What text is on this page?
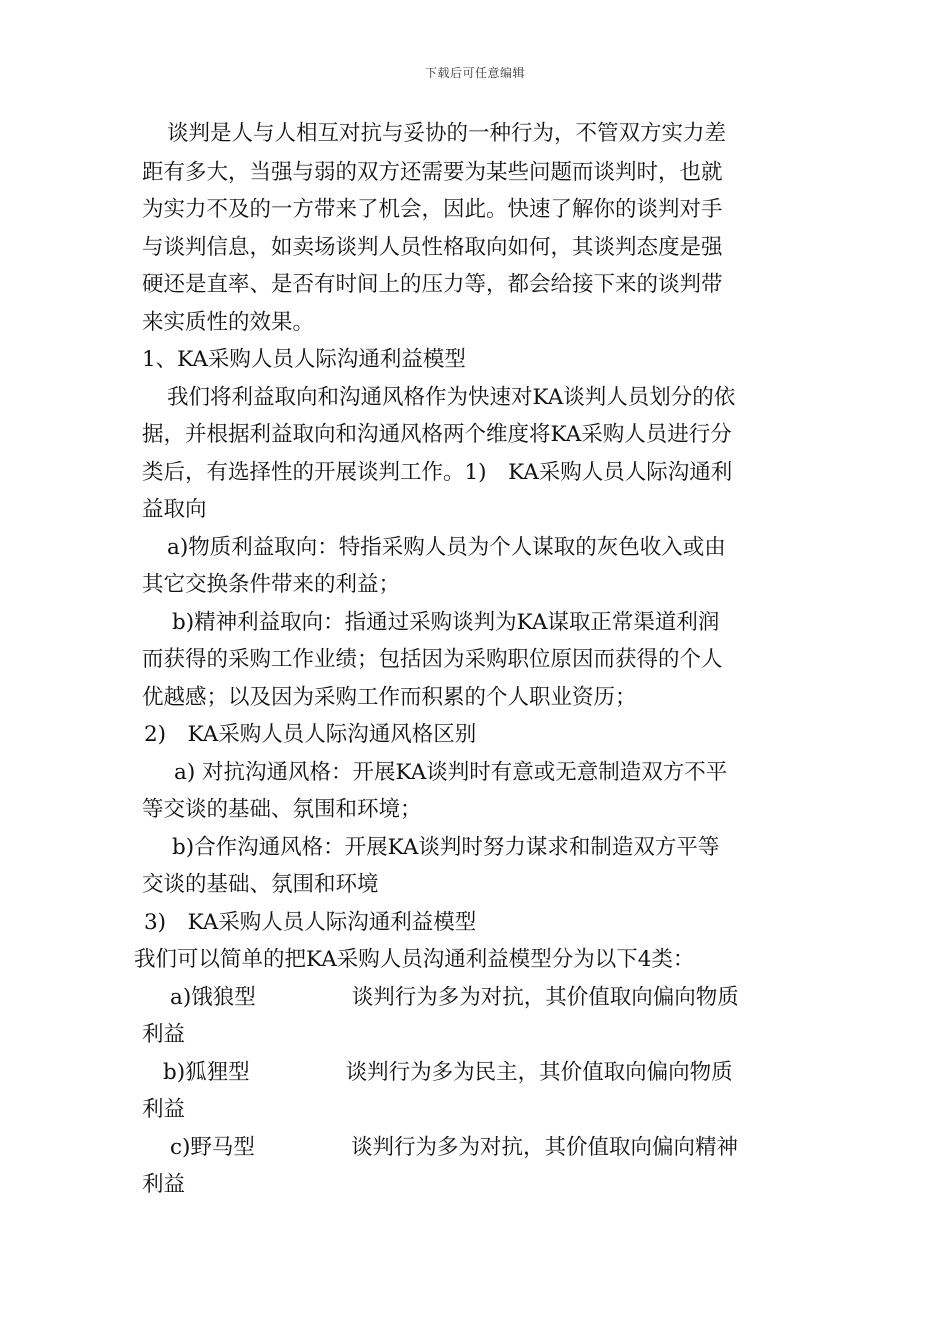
下载后可任意编辑
谈判是人与人相互对抗与妥协的一种行为，不管双方实力差
距有多大，当强与弱的双方还需要为某些问题而谈判时，也就
为实力不及的一方带来了机会，因此。快速了解你的谈判对手
与谈判信息，如卖场谈判人员性格取向如何，其谈判态度是强
硬还是直率、是否有时间上的压力等，都会给接下来的谈判带
来实质性的效果。
1、KA采购人员人际沟通利益模型
我们将利益取向和沟通风格作为快速对KA谈判人员划分的依
据，并根据利益取向和沟通风格两个维度将KA采购人员进行分
类后，有选择性的开展谈判工作。1)　KA采购人员人际沟通利
益取向
a)物质利益取向：特指采购人员为个人谋取的灰色收入或由
其它交换条件带来的利益；
b)精神利益取向：指通过采购谈判为KA谋取正常渠道利润
而获得的采购工作业绩；包括因为采购职位原因而获得的个人
优越感；以及因为采购工作而积累的个人职业资历；
2)　KA采购人员人际沟通风格区别
a) 对抗沟通风格：开展KA谈判时有意或无意制造双方不平
等交谈的基础、氛围和环境；
b)合作沟通风格：开展KA谈判时努力谋求和制造双方平等
交谈的基础、氛围和环境
3)　KA采购人员人际沟通利益模型
我们可以简单的把KA采购人员沟通利益模型分为以下4类：
a)饿狼型	谈判行为多为对抗，其价值取向偏向物质
利益
b)狐狸型	谈判行为多为民主，其价值取向偏向物质
利益
c)野马型	谈判行为多为对抗，其价值取向偏向精神
利益
